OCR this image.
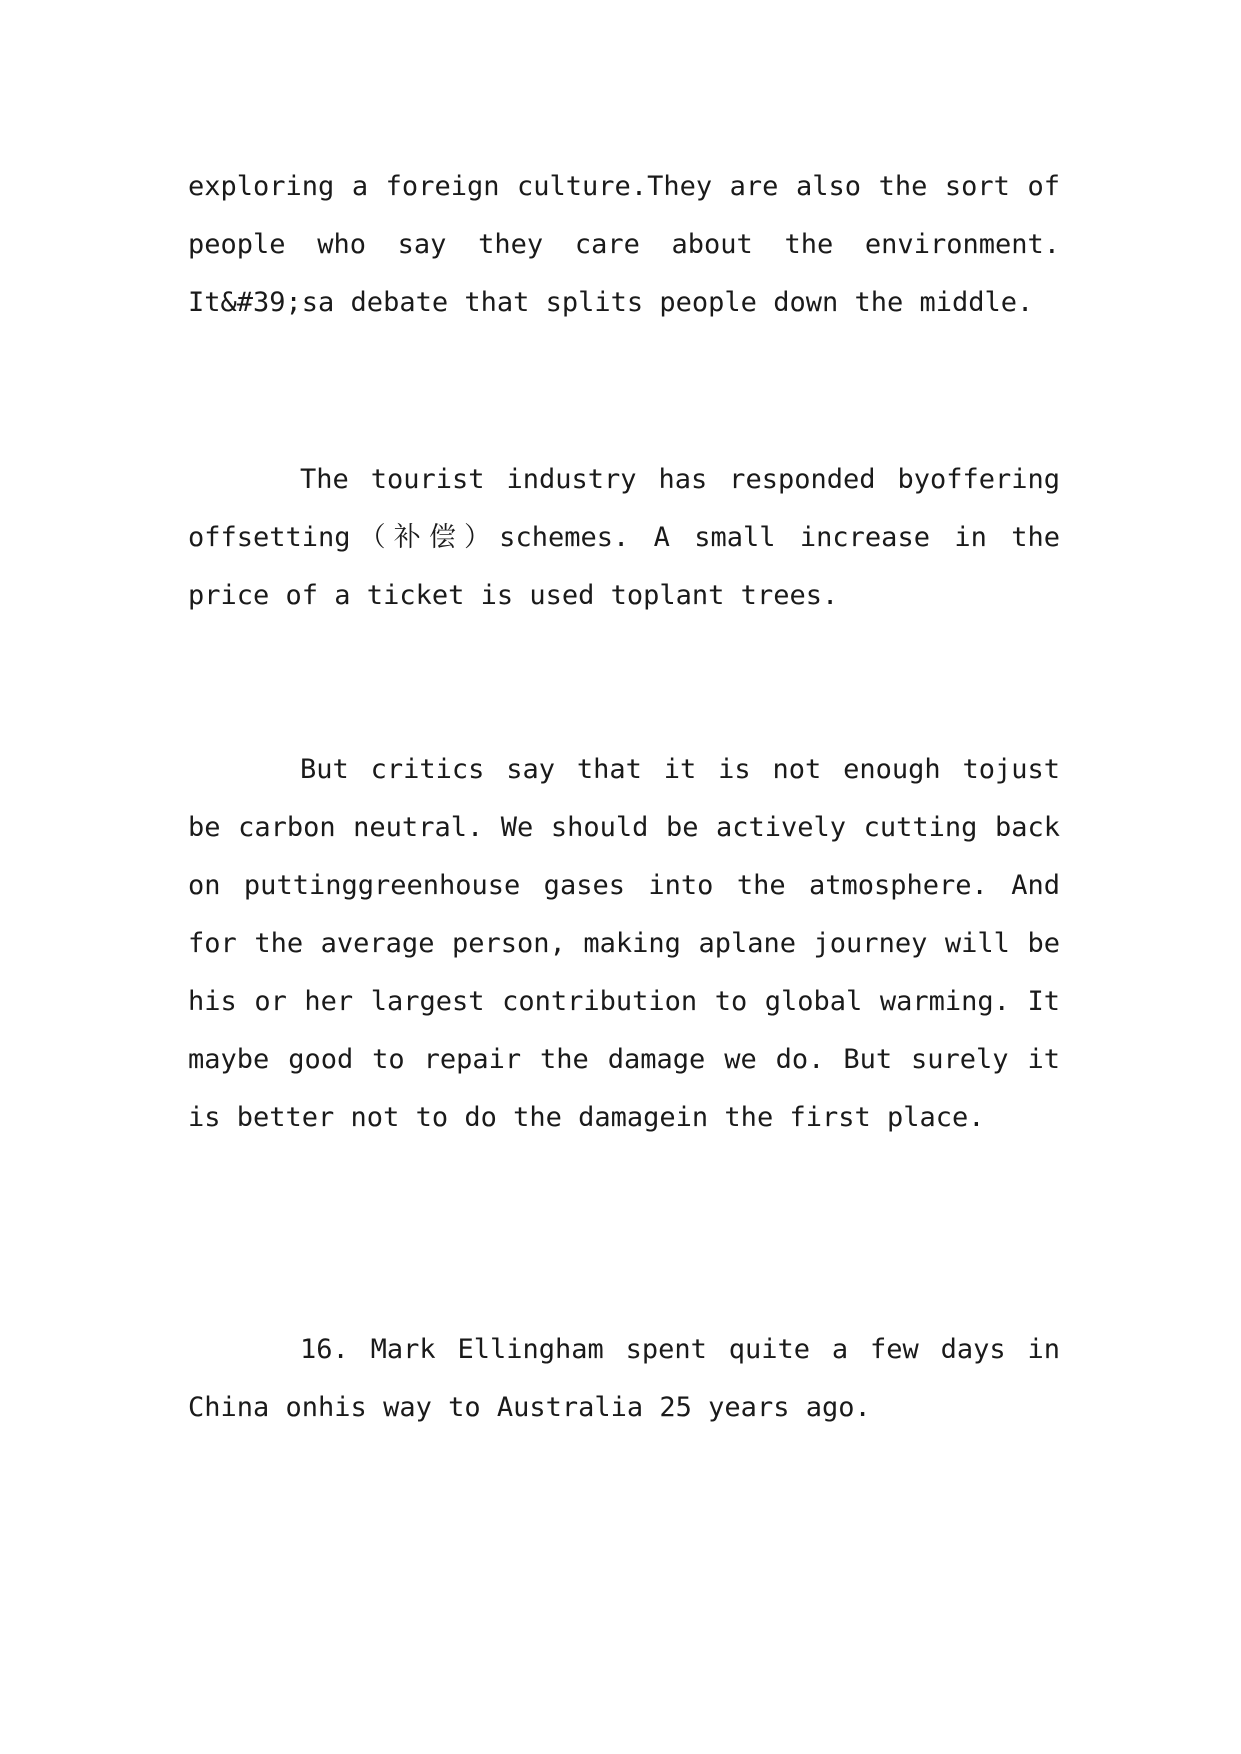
exploring a foreign culture.They are also the sort of people who say they care about the environment. It&#39;sa debate that splits people down the middle.

The tourist industry has responded byoffering offsetting（补偿）schemes. A small increase in the price of a ticket is used toplant trees.

But critics say that it is not enough tojust be carbon neutral. We should be actively cutting back on puttinggreenhouse gases into the atmosphere. And for the average person, making aplane journey will be his or her largest contribution to global warming. It maybe good to repair the damage we do. But surely it is better not to do the damagein the first place.

16. Mark Ellingham spent quite a few days in China onhis way to Australia 25 years ago.
